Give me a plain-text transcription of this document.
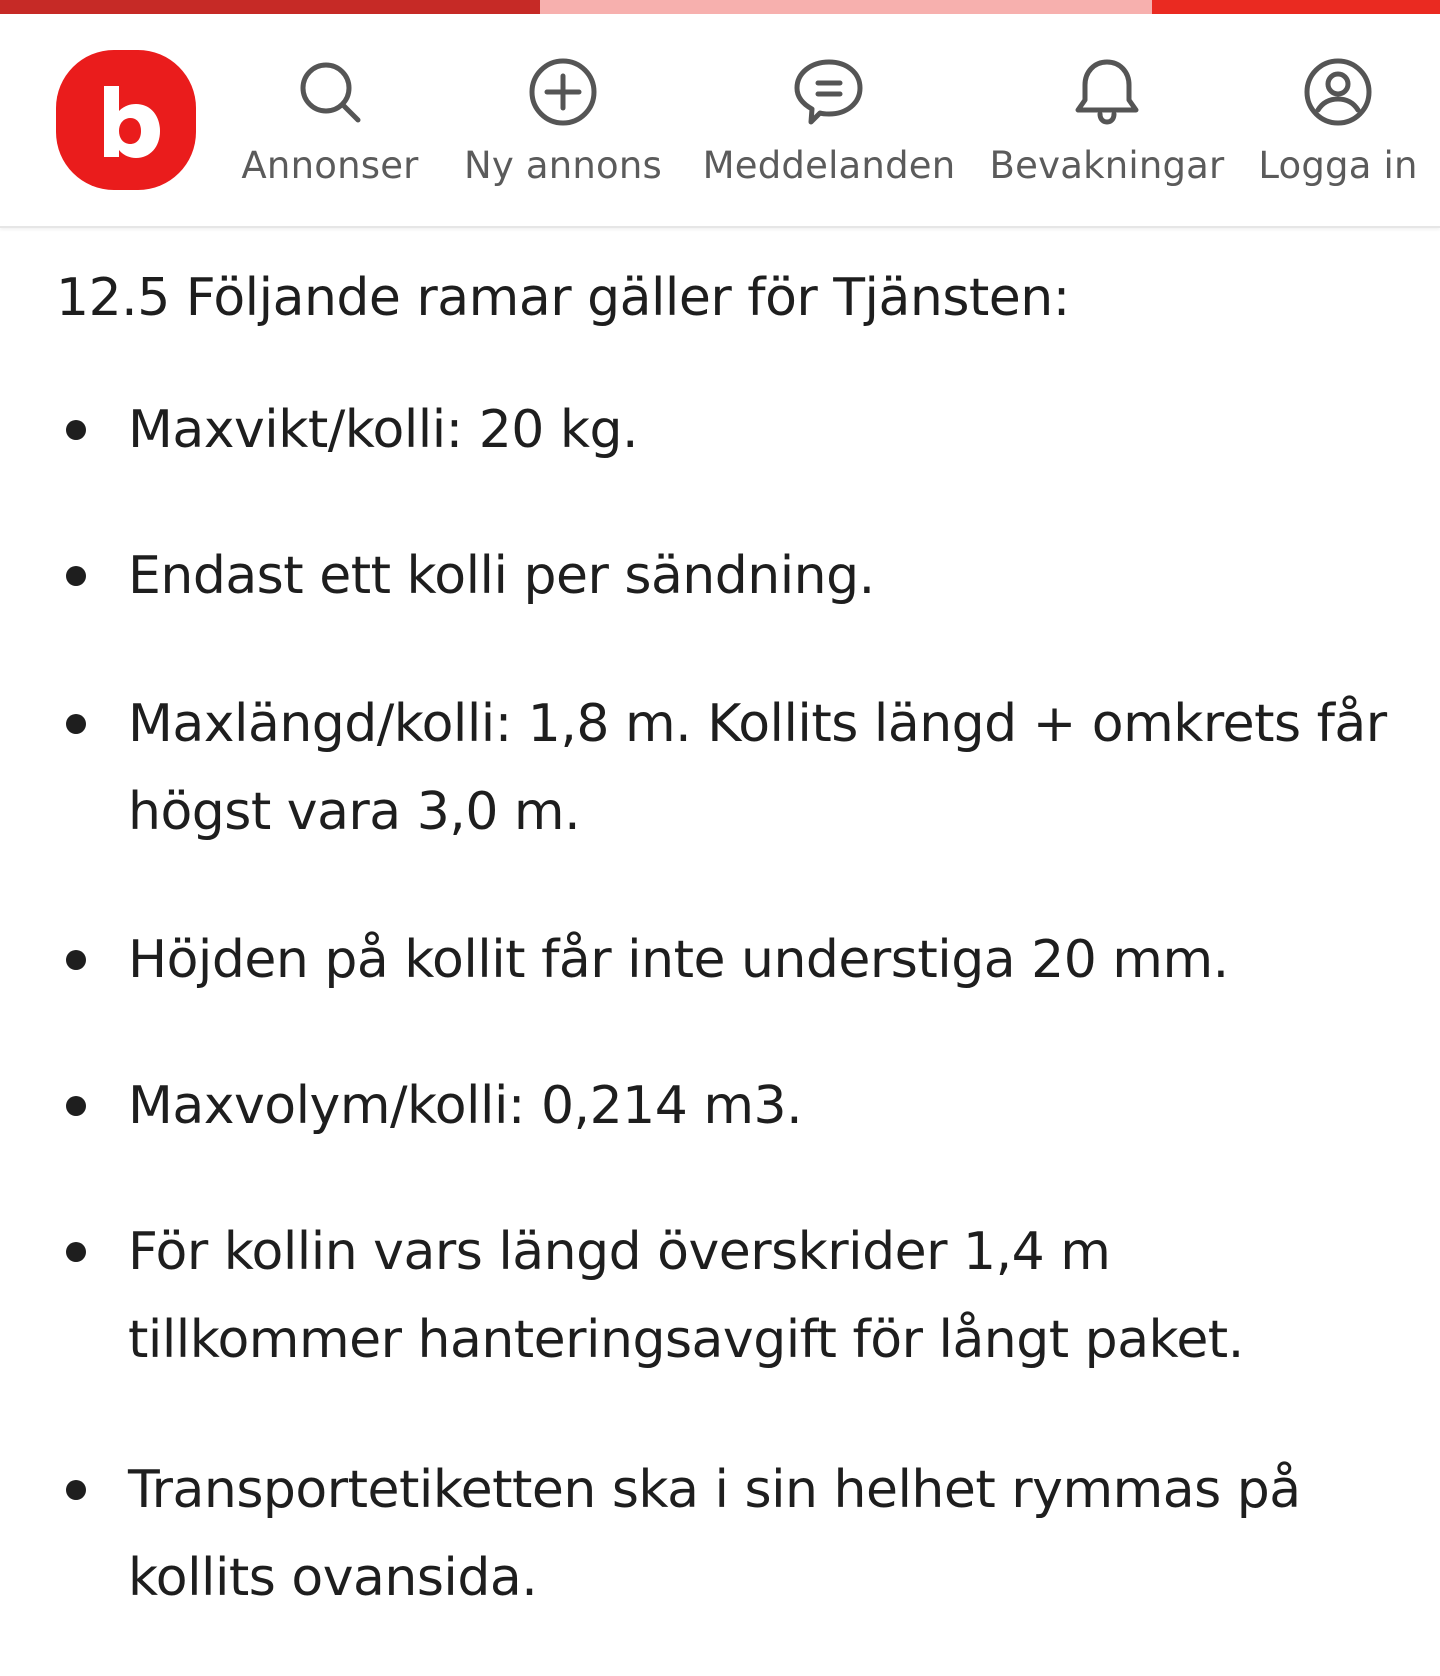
Annonser Ny annons Meddelanden Bevakningar Logga in
12.5 Följande ramar gäller för Tjänsten:
Maxvikt/kolli: 20 kg.
Endast ett kolli per sändning.
Maxlängd/kolli: 1,8 m. Kollits längd + omkrets får högst vara 3,0 m.
Höjden på kollit får inte understiga 20 mm.
Maxvolym/kolli: 0,214 m3.
För kollin vars längd överskrider 1,4 m tillkommer hanteringsavgift för långt paket.
Transportetiketten ska i sin helhet rymmas på kollits ovansida.
